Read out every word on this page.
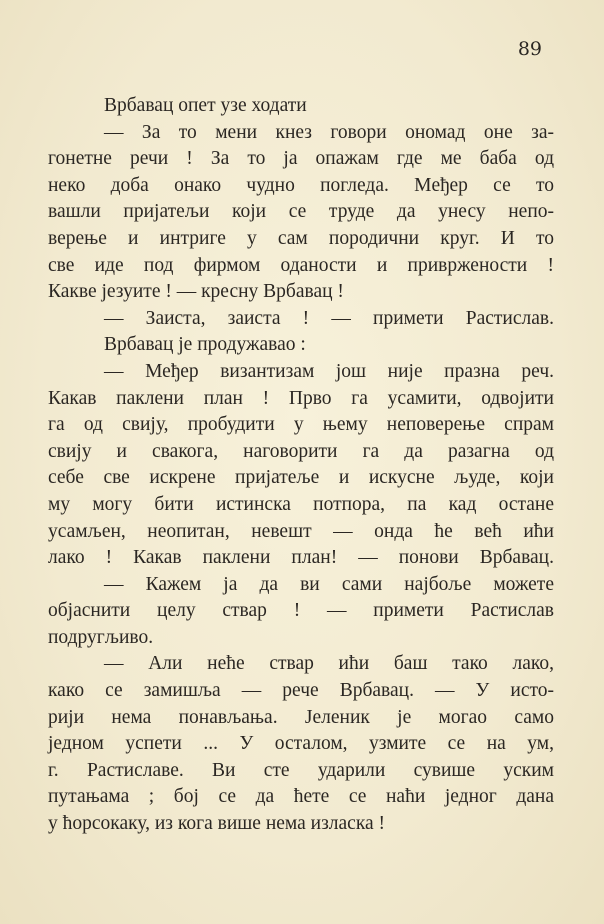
89
Врбавац опет узе ходати
— За то мени кнез говори ономад оне за-
гонетне речи ! За то ја опажам где ме баба од
неко доба онако чудно погледа. Мeђер се то
вашли пријатељи који се труде да унесу непо-
верење и интриге у сам породични круг. И то
све иде под фирмом оданости и привржености !
Какве језуите ! — кресну Врбавац !
— Заиста, заиста ! — примети Растислав.
Врбавац је продужавао :
— Међер византизам још није празна реч.
Какав паклени план ! Прво га усамити, одвојити
га од свију, пробудити у њему неповерење спрам
свију и свакога, наговорити га да разагна од
себе све искрене пријатеље и искусне људе, који
му могу бити истинска потпора, па кад остане
усамљен, неопитан, невешт — онда ће већ ићи
лако ! Какав паклени план! — понови Врбавац.
— Кажем ја да ви сами најбоље можете
објаснити целу ствар ! — примети Растислав
подругљиво.
— Али неће ствар ићи баш тако лако,
како се замишља — рече Врбавац. — У исто-
рији нема понављања. Јеленик је могао само
једном успети ... У осталом, узмите се на ум,
г. Растиславе. Ви сте ударили сувише уским
путањама ; бој се да ћете се наћи једног дана
у ћорсокаку, из кога више нема изласка !
